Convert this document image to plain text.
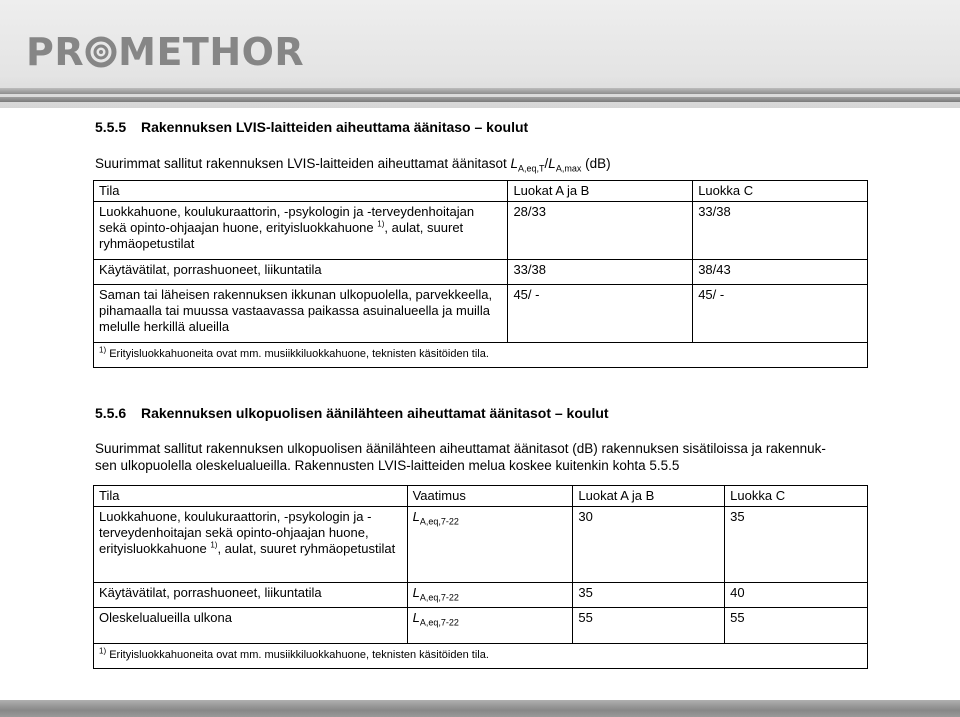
PR METHOR
5.5.5 Rakennuksen LVIS-laitteiden aiheuttama äänitaso – koulut
Suurimmat sallitut rakennuksen LVIS-laitteiden aiheuttamat äänitasot $L_{A,eq,T}/L_{A,max}$ (dB)
Tila	Luokat A ja B	Luokka C
Luokkahuone, koulukuraattorin, -psykologin ja -terveydenhoitajan sekä opinto-ohjaajan huone, erityisluokkahuone $^{1)}$, aulat, suuret ryhmäopetustilat	28/33	33/38
Käytävätilat, porrashuoneet, liikuntatila	33/38	38/43
Saman tai läheisen rakennuksen ikkunan ulkopuolella, parvekkeella, pihamaalla tai muussa vastaavassa paikassa asuinalueella ja muilla melulle herkillä alueilla	45/ -	45/ -
$^{1)}$ Erityisluokkahuoneita ovat mm. musiikkiluokkahuone, teknisten käsitöiden tila.		
5.5.6 Rakennuksen ulkopuolisen äänilähteen aiheuttamat äänitasot – koulut
Suurimmat sallitut rakennuksen ulkopuolisen äänilähteen aiheuttamat äänitasot (dB) rakennuksen sisätiloissa ja rakennuk-
sen ulkopuolella oleskelualueilla. Rakennusten LVIS-laitteiden melua koskee kuitenkin kohta 5.5.5
Tila	Vaatimus	Luokat A ja B	Luokka C
Luokkahuone, koulukuraattorin, -psykologin ja -terveydenhoitajan sekä opinto-ohjaajan huone, erityisluokkahuone $^{1)}$, aulat, suuret ryhmäopetustilat	$L_{A,eq,7-22}$	30	35
Käytävätilat, porrashuoneet, liikuntatila	$L_{A,eq,7-22}$	35	40
Oleskelualueilla ulkona	$L_{A,eq,7-22}$	55	55
$^{1)}$ Erityisluokkahuoneita ovat mm. musiikkiluokkahuone, teknisten käsitöiden tila.			
